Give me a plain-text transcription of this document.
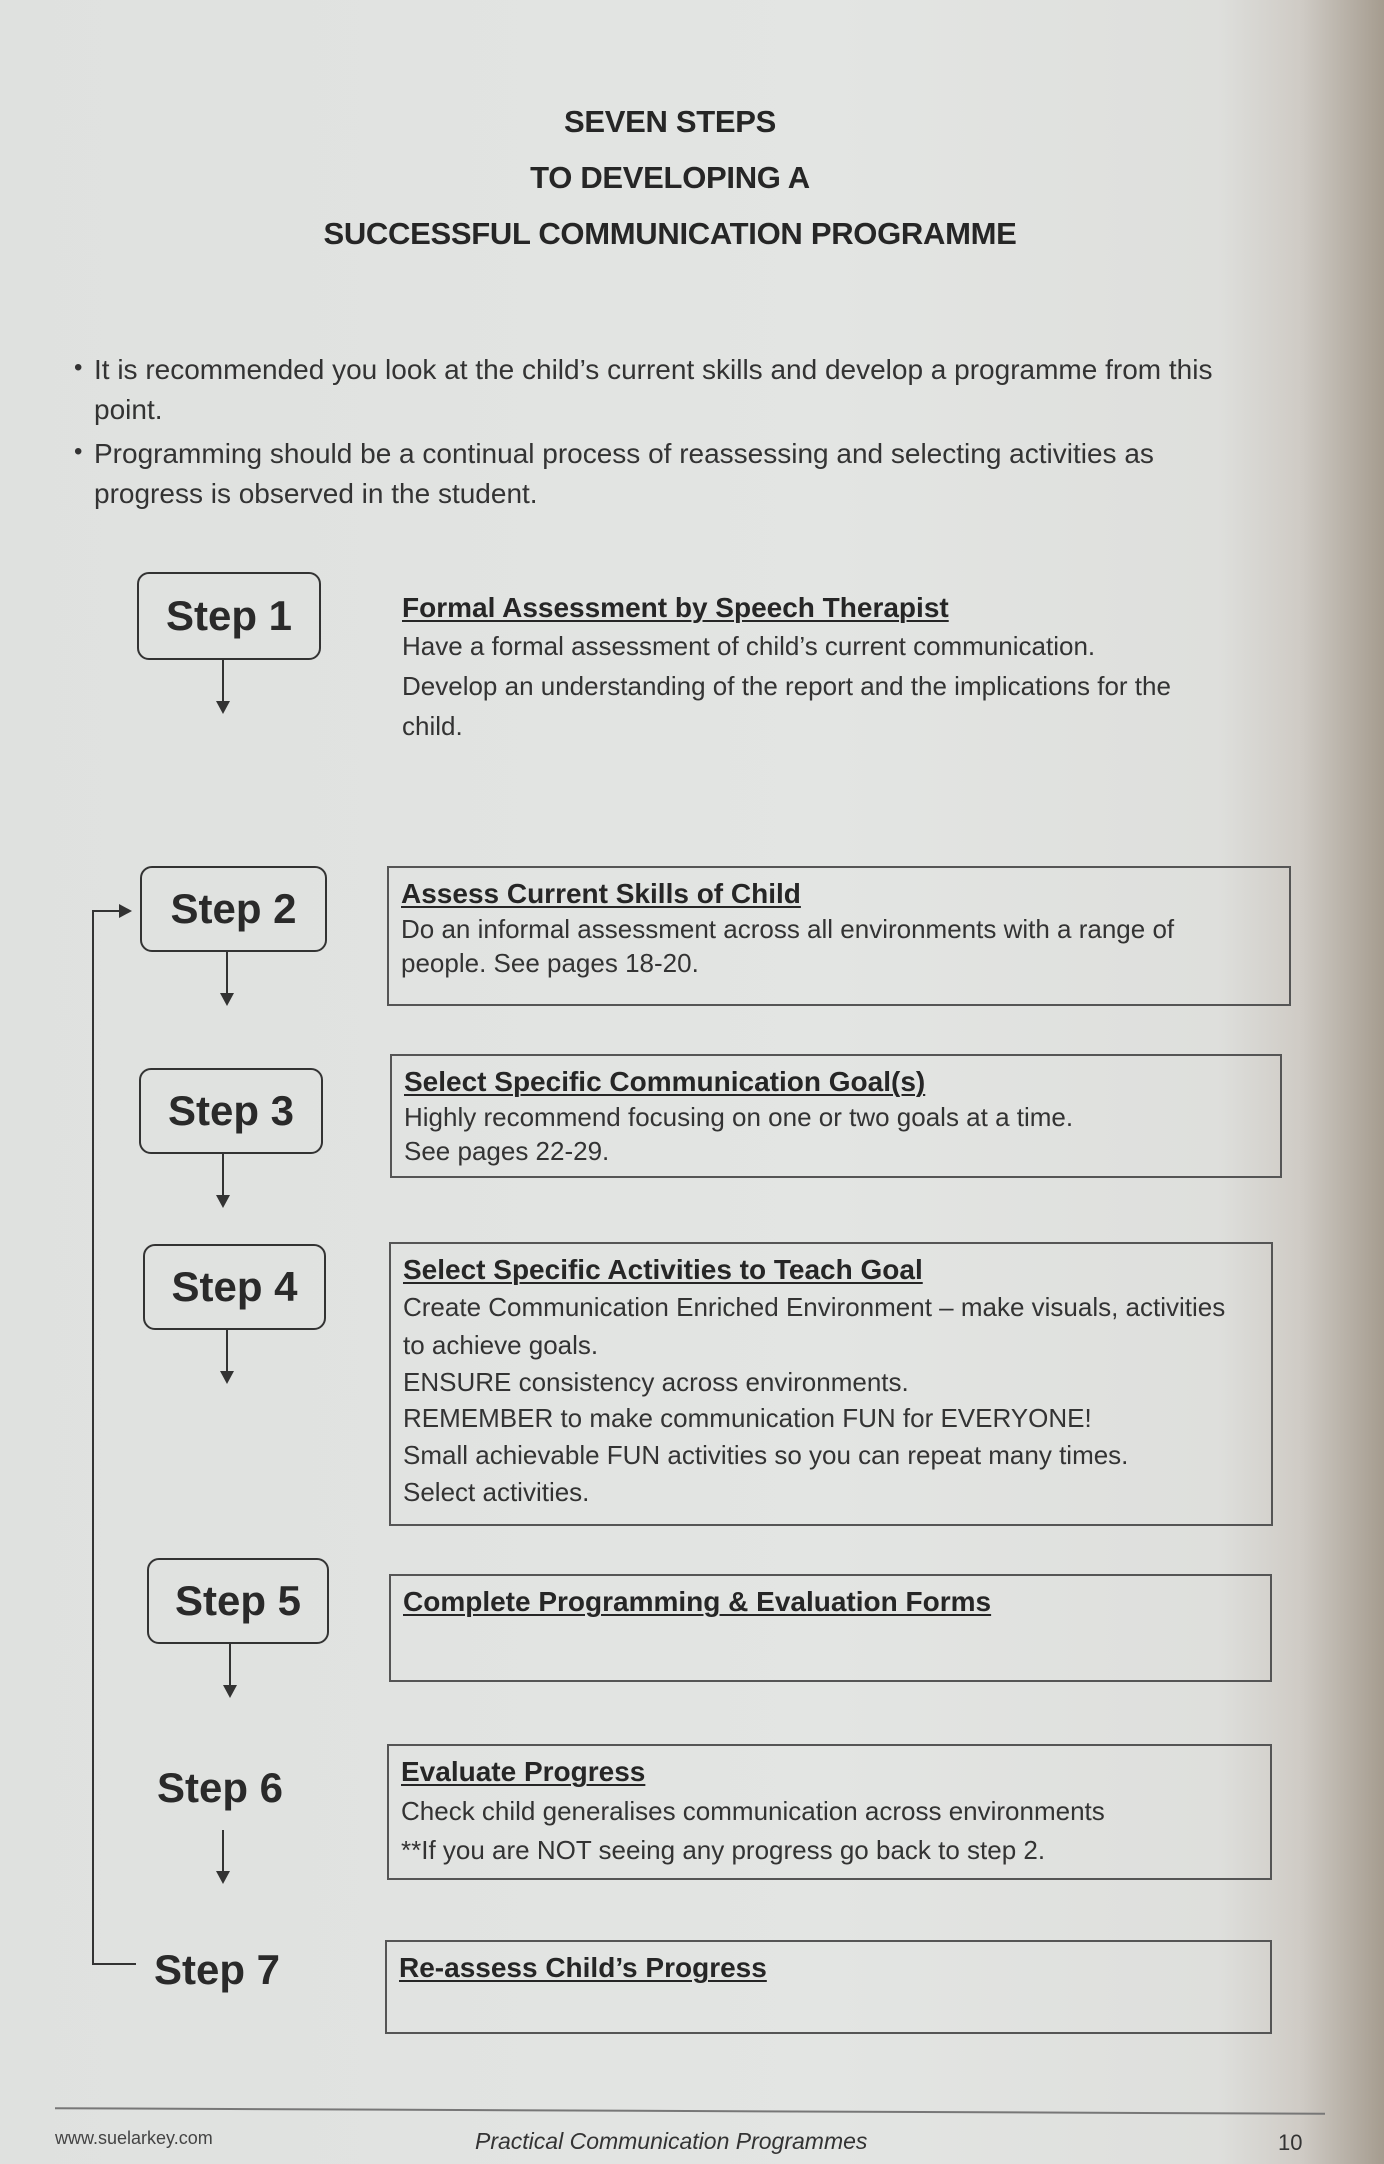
SEVEN STEPS
TO DEVELOPING A
SUCCESSFUL COMMUNICATION PROGRAMME
• It is recommended you look at the child’s current skills and develop a programme from this point.
• Programming should be a continual process of reassessing and selecting activities as progress is observed in the student.
Step 1	Formal Assessment by Speech Therapist
Have a formal assessment of child’s current communication.
Develop an understanding of the report and the implications for the
child.
Step 2	Assess Current Skills of Child
Do an informal assessment across all environments with a range of
people. See pages 18-20.
Step 3
Select Specific Communication Goal(s)
Highly recommend focusing on one or two goals at a time.
See pages 22-29.
Step 4	Select Specific Activities to Teach Goal
Create Communication Enriched Environment – make visuals, activities
to achieve goals.
ENSURE consistency across environments.
REMEMBER to make communication FUN for EVERYONE!
Small achievable FUN activities so you can repeat many times.
Select activities.
Step 5	Complete Programming & Evaluation Forms
Step 6	Evaluate Progress
Check child generalises communication across environments
**If you are NOT seeing any progress go back to step 2.
Step 7	Re-assess Child’s Progress
www.suelarkey.com	Practical Communication Programmes	10
